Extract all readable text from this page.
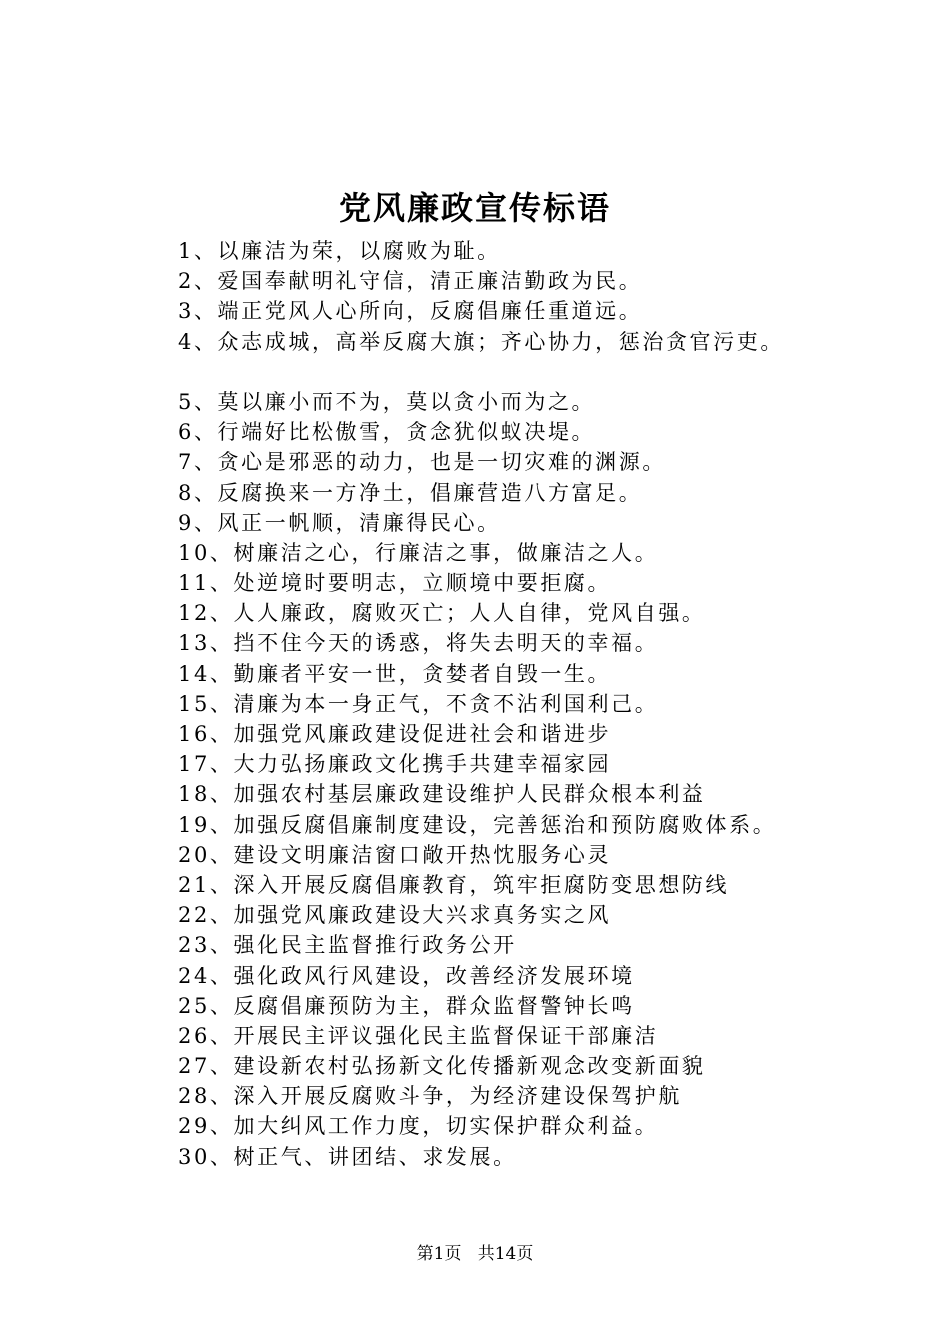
党风廉政宣传标语
1、以廉洁为荣，以腐败为耻。
2、爱国奉献明礼守信，清正廉洁勤政为民。
3、端正党风人心所向，反腐倡廉任重道远。
4、众志成城，高举反腐大旗；齐心协力，惩治贪官污吏。
5、莫以廉小而不为，莫以贪小而为之。
6、行端好比松傲雪，贪念犹似蚁决堤。
7、贪心是邪恶的动力，也是一切灾难的渊源。
8、反腐换来一方净土，倡廉营造八方富足。
9、风正一帆顺，清廉得民心。
10、树廉洁之心，行廉洁之事，做廉洁之人。
11、处逆境时要明志，立顺境中要拒腐。
12、人人廉政，腐败灭亡；人人自律，党风自强。
13、挡不住今天的诱惑，将失去明天的幸福。
14、勤廉者平安一世，贪婪者自毁一生。
15、清廉为本一身正气，不贪不沾利国利己。
16、加强党风廉政建设促进社会和谐进步
17、大力弘扬廉政文化携手共建幸福家园
18、加强农村基层廉政建设维护人民群众根本利益
19、加强反腐倡廉制度建设，完善惩治和预防腐败体系。
20、建设文明廉洁窗口敞开热忱服务心灵
21、深入开展反腐倡廉教育，筑牢拒腐防变思想防线
22、加强党风廉政建设大兴求真务实之风
23、强化民主监督推行政务公开
24、强化政风行风建设，改善经济发展环境
25、反腐倡廉预防为主，群众监督警钟长鸣
26、开展民主评议强化民主监督保证干部廉洁
27、建设新农村弘扬新文化传播新观念改变新面貌
28、深入开展反腐败斗争，为经济建设保驾护航
29、加大纠风工作力度，切实保护群众利益。
30、树正气、讲团结、求发展。
第1页 共14页
